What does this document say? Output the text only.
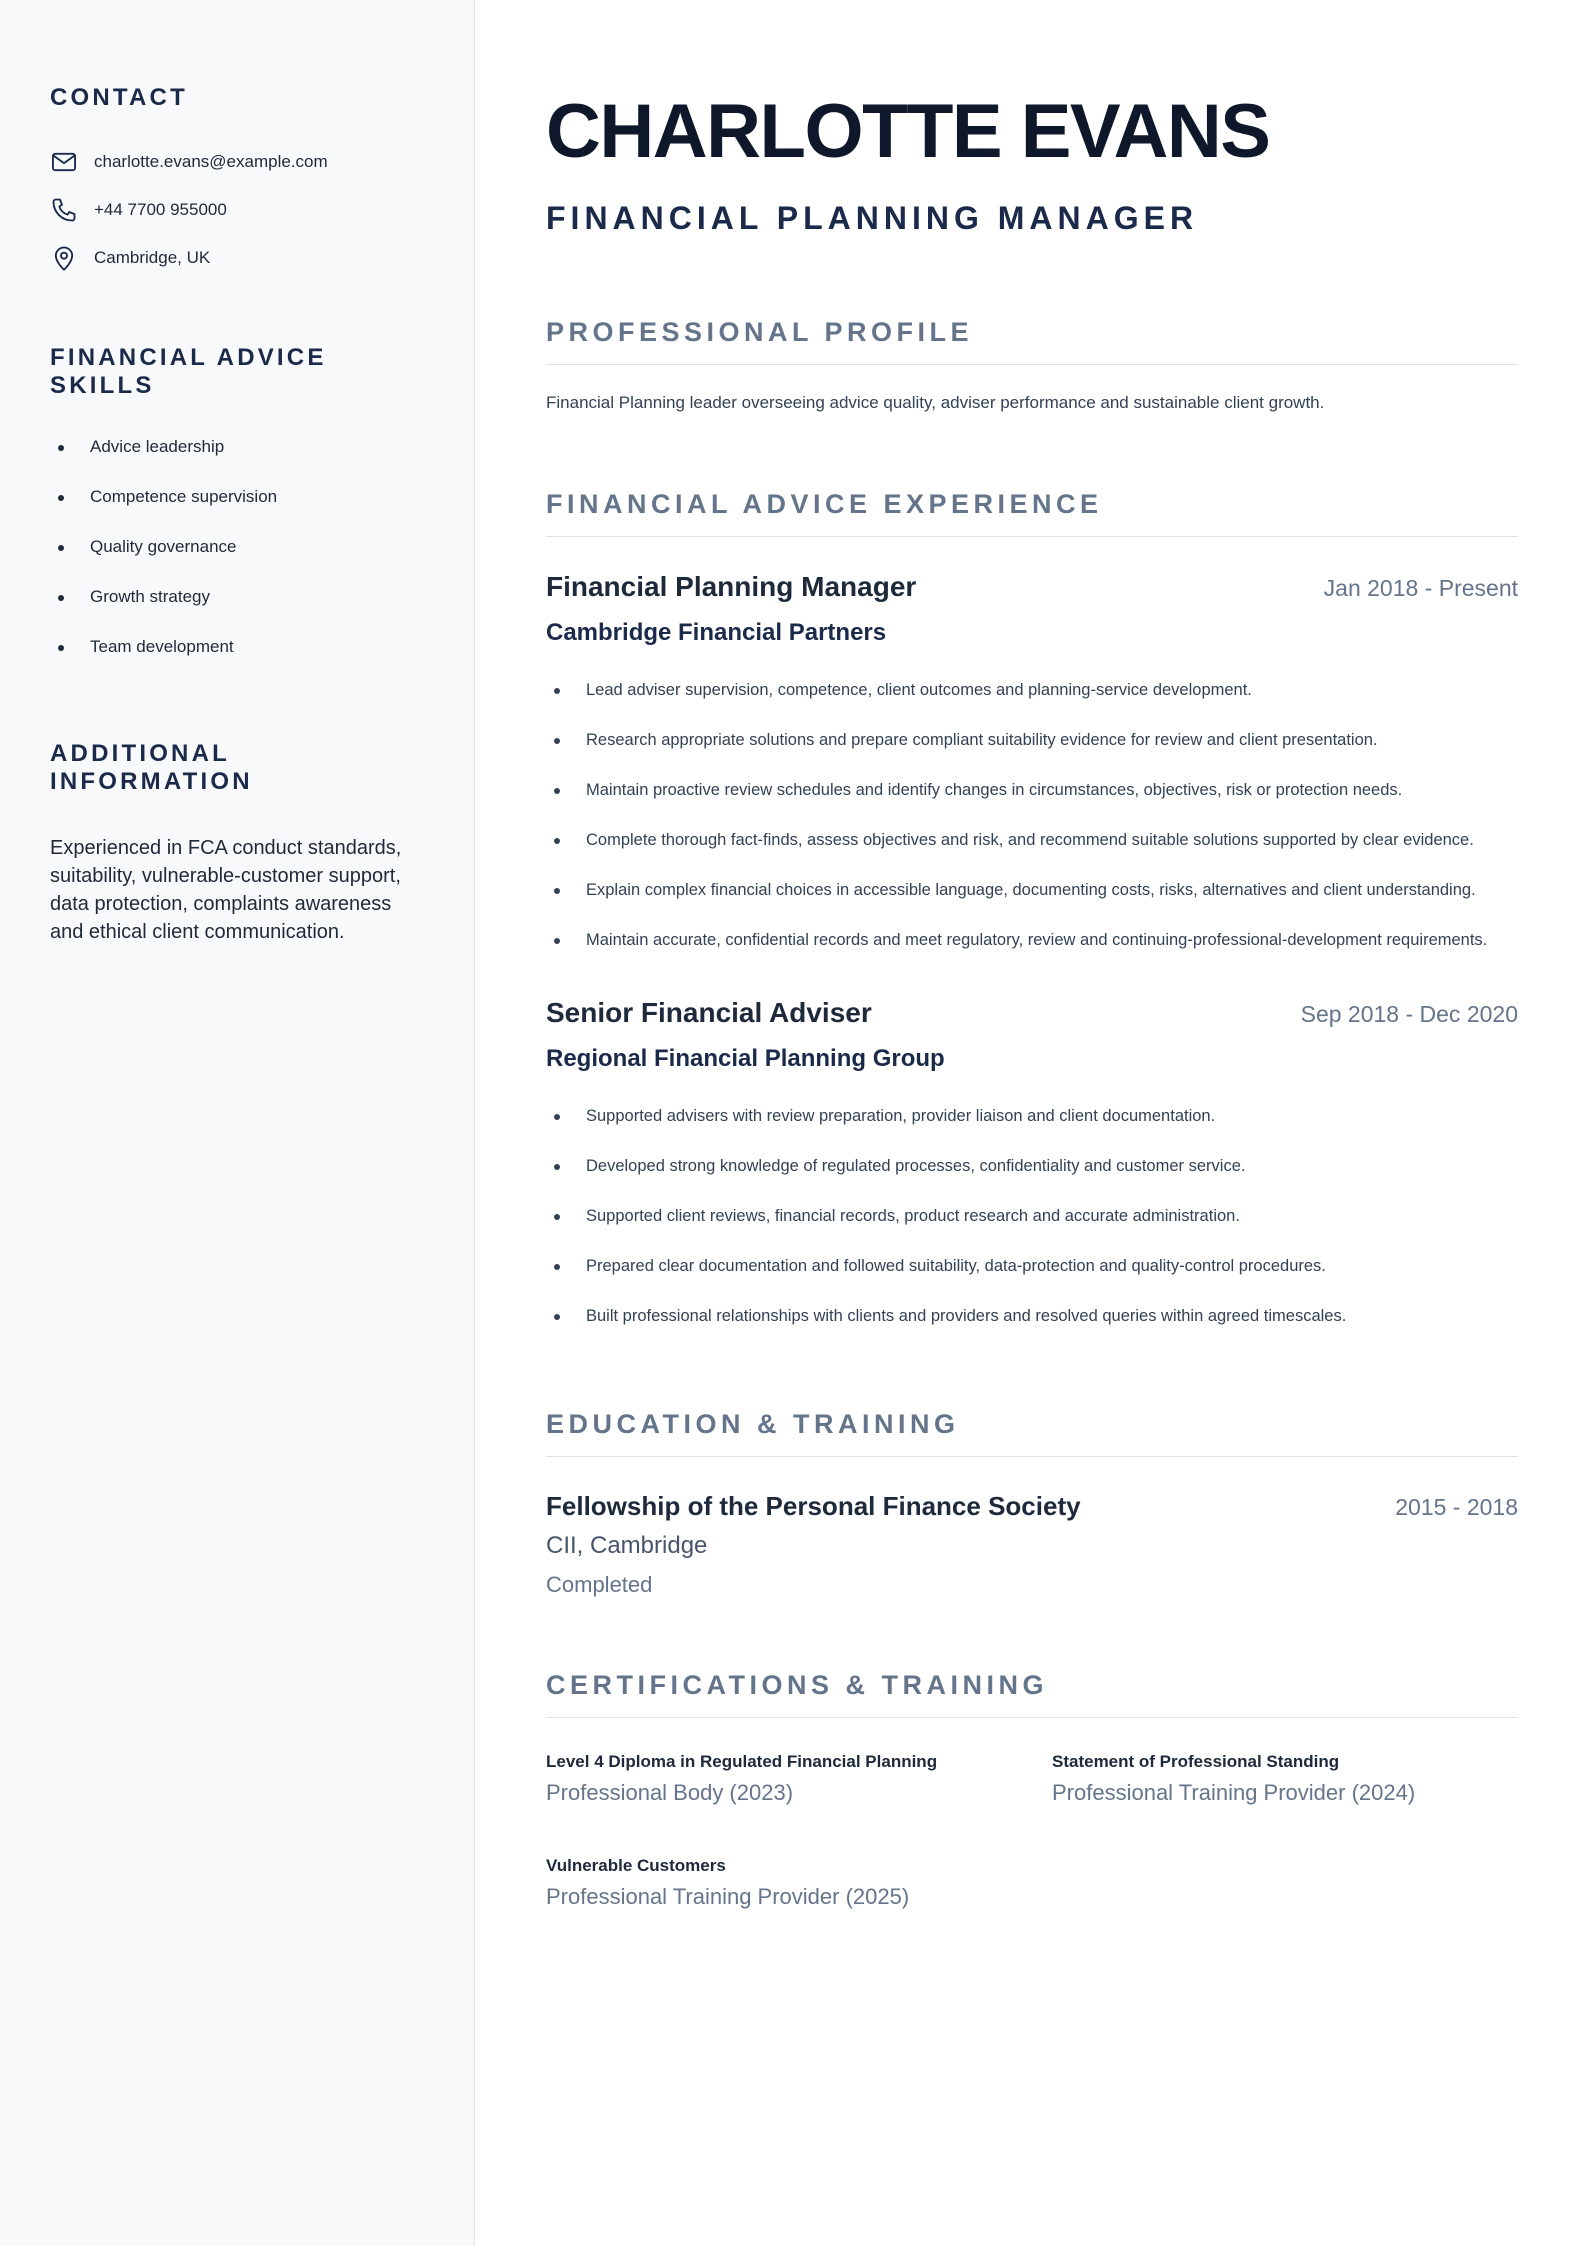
CONTACT
charlotte.evans@example.com
+44 7700 955000
Cambridge, UK
FINANCIAL ADVICE SKILLS
Advice leadership
Competence supervision
Quality governance
Growth strategy
Team development
ADDITIONAL INFORMATION

Experienced in FCA conduct standards, suitability, vulnerable-customer support, data protection, complaints awareness and ethical client communication.

CHARLOTTE EVANS
FINANCIAL PLANNING MANAGER
PROFESSIONAL PROFILE

Financial Planning leader overseeing advice quality, adviser performance and sustainable client growth.

FINANCIAL ADVICE EXPERIENCE
Financial Planning Manager	Jan 2018 - Present
Cambridge Financial Partners
Lead adviser supervision, competence, client outcomes and planning-service development.
Research appropriate solutions and prepare compliant suitability evidence for review and client presentation.
Maintain proactive review schedules and identify changes in circumstances, objectives, risk or protection needs.
Complete thorough fact-finds, assess objectives and risk, and recommend suitable solutions supported by clear evidence.
Explain complex financial choices in accessible language, documenting costs, risks, alternatives and client understanding.
Maintain accurate, confidential records and meet regulatory, review and continuing-professional-development requirements.
Senior Financial Adviser	Sep 2018 - Dec 2020
Regional Financial Planning Group
Supported advisers with review preparation, provider liaison and client documentation.
Developed strong knowledge of regulated processes, confidentiality and customer service.
Supported client reviews, financial records, product research and accurate administration.
Prepared clear documentation and followed suitability, data-protection and quality-control procedures.
Built professional relationships with clients and providers and resolved queries within agreed timescales.
EDUCATION & TRAINING
Fellowship of the Personal Finance Society	2015 - 2018
CII, Cambridge
Completed
CERTIFICATIONS & TRAINING
Level 4 Diploma in Regulated Financial Planning
Professional Body (2023)
Statement of Professional Standing
Professional Training Provider (2024)
Vulnerable Customers
Professional Training Provider (2025)
